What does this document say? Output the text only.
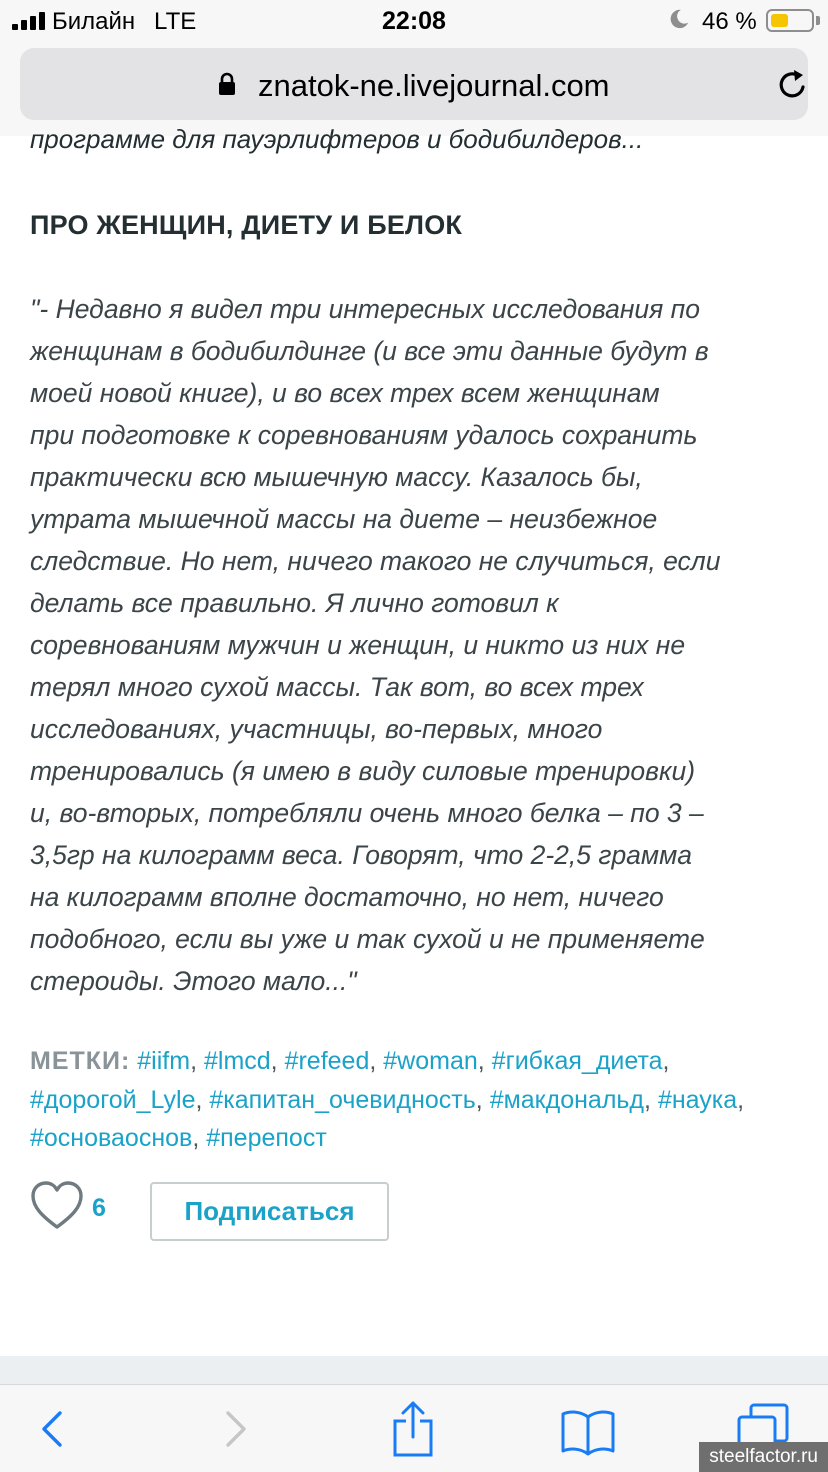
Билайн LTE	22:08	46 %
znatok-ne.livejournal.com
программе для пауэрлифтеров и бодибилдеров...
ПРО ЖЕНЩИН, ДИЕТУ И БЕЛОК
"- Недавно я видел три интересных исследования по
женщинам в бодибилдинге (и все эти данные будут в
моей новой книге), и во всех трех всем женщинам
при подготовке к соревнованиям удалось сохранить
практически всю мышечную массу. Казалось бы,
утрата мышечной массы на диете – неизбежное
следствие. Но нет, ничего такого не случиться, если
делать все правильно. Я лично готовил к
соревнованиям мужчин и женщин, и никто из них не
терял много сухой массы. Так вот, во всех трех
исследованиях, участницы, во-первых, много
тренировались (я имею в виду силовые тренировки)
и, во-вторых, потребляли очень много белка – по 3 –
3,5гр на килограмм веса. Говорят, что 2-2,5 грамма
на килограмм вполне достаточно, но нет, ничего
подобного, если вы уже и так сухой и не применяете
стероиды. Этого мало..."
МЕТКИ: #iifm, #lmcd, #refeed, #woman, #гибкая_диета, #дорогой_Lyle, #капитан_очевидность, #макдональд, #наука, #основаоснов, #перепост
6	Подписаться
steelfactor.ru
